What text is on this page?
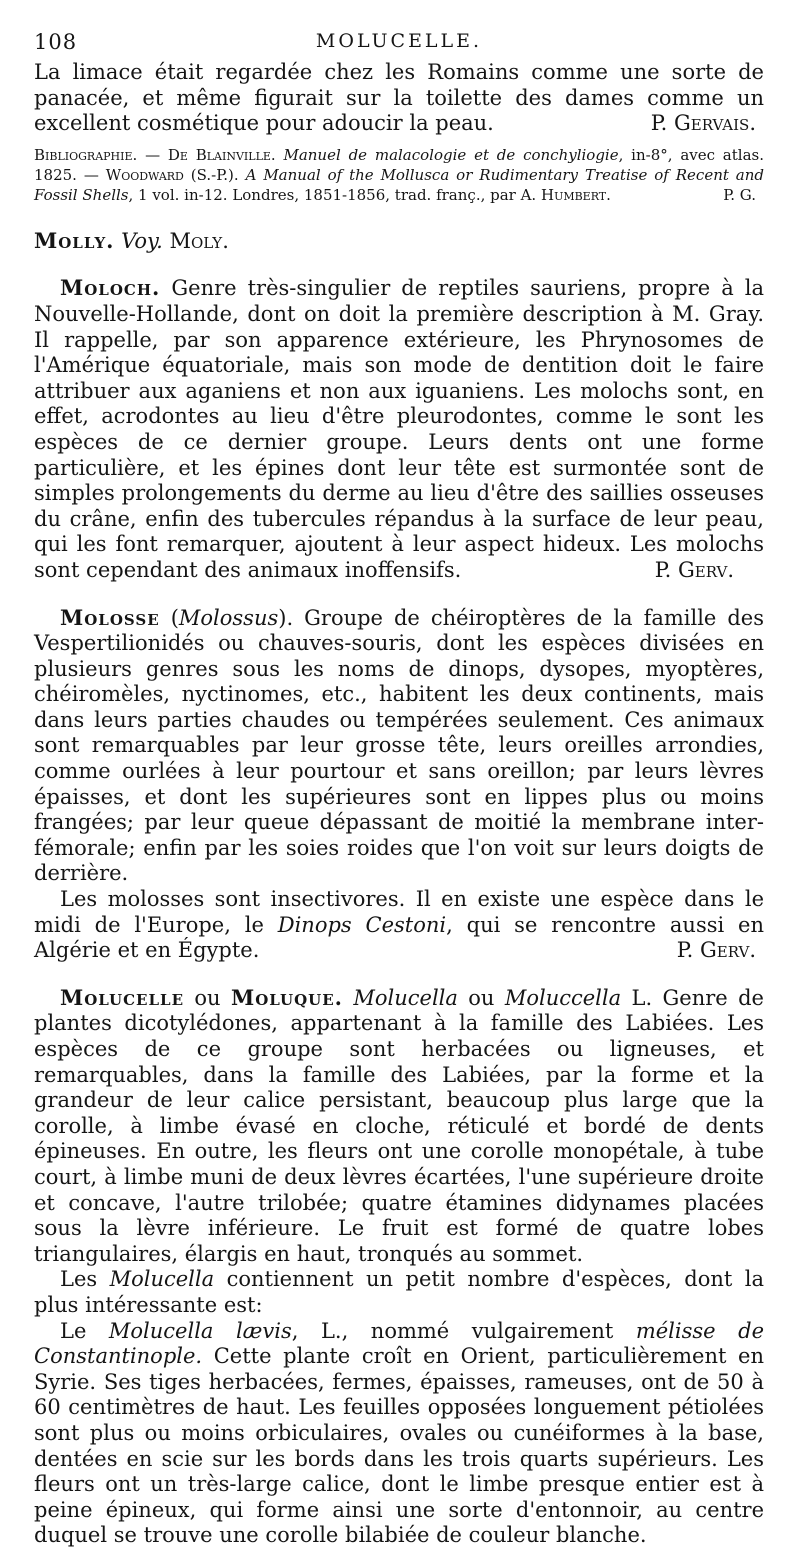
108	MOLUCELLE.

La limace était regardée chez les Romains comme une sorte de panacée, et même figurait sur la toilette des dames comme un excellent cosmétique pour adoucir la peau.	P. Gervais.

Bibliographie. — De Blainville. Manuel de malacologie et de conchyliogie, in-8°, avec atlas. 1825. — Woodward (S.-P.). A Manual of the Mollusca or Rudimentary Treatise of Recent and Fossil Shells, 1 vol. in-12. Londres, 1851-1856, trad. franç., par A. Humbert.	P. G.

Molly. Voy. Moly.

Moloch. Genre très-singulier de reptiles sauriens, propre à la Nouvelle-Hollande, dont on doit la première description à M. Gray. Il rappelle, par son apparence extérieure, les Phrynosomes de l'Amérique équatoriale, mais son mode de dentition doit le faire attribuer aux aganiens et non aux iguaniens. Les molochs sont, en effet, acrodontes au lieu d'être pleurodontes, comme le sont les espèces de ce dernier groupe. Leurs dents ont une forme particulière, et les épines dont leur tête est surmontée sont de simples prolongements du derme au lieu d'être des saillies osseuses du crâne, enfin des tubercules répandus à la surface de leur peau, qui les font remarquer, ajoutent à leur aspect hideux. Les molochs sont cependant des animaux inoffensifs.	P. Gerv.

Molosse (Molossus). Groupe de chéiroptères de la famille des Vespertilionidés ou chauves-souris, dont les espèces divisées en plusieurs genres sous les noms de dinops, dysopes, myoptères, chéiromèles, nyctinomes, etc., habitent les deux continents, mais dans leurs parties chaudes ou tempérées seulement. Ces animaux sont remarquables par leur grosse tête, leurs oreilles arrondies, comme ourlées à leur pourtour et sans oreillon; par leurs lèvres épaisses, et dont les supérieures sont en lippes plus ou moins frangées; par leur queue dépassant de moitié la membrane inter-fémorale; enfin par les soies roides que l'on voit sur leurs doigts de derrière.

Les molosses sont insectivores. Il en existe une espèce dans le midi de l'Europe, le Dinops Cestoni, qui se rencontre aussi en Algérie et en Égypte.	P. Gerv.

Molucelle ou Moluque. Molucella ou Moluccella L. Genre de plantes dicotylédones, appartenant à la famille des Labiées. Les espèces de ce groupe sont herbacées ou ligneuses, et remarquables, dans la famille des Labiées, par la forme et la grandeur de leur calice persistant, beaucoup plus large que la corolle, à limbe évasé en cloche, réticulé et bordé de dents épineuses. En outre, les fleurs ont une corolle monopétale, à tube court, à limbe muni de deux lèvres écartées, l'une supérieure droite et concave, l'autre trilobée; quatre étamines didynames placées sous la lèvre inférieure. Le fruit est formé de quatre lobes triangulaires, élargis en haut, tronqués au sommet.

Les Molucella contiennent un petit nombre d'espèces, dont la plus intéressante est:

Le Molucella lævis, L., nommé vulgairement mélisse de Constantinople. Cette plante croît en Orient, particulièrement en Syrie. Ses tiges herbacées, fermes, épaisses, rameuses, ont de 50 à 60 centimètres de haut. Les feuilles opposées longuement pétiolées sont plus ou moins orbiculaires, ovales ou cunéiformes à la base, dentées en scie sur les bords dans les trois quarts supérieurs. Les fleurs ont un très-large calice, dont le limbe presque entier est à peine épineux, qui forme ainsi une sorte d'entonnoir, au centre duquel se trouve une corolle bilabiée de couleur blanche.
